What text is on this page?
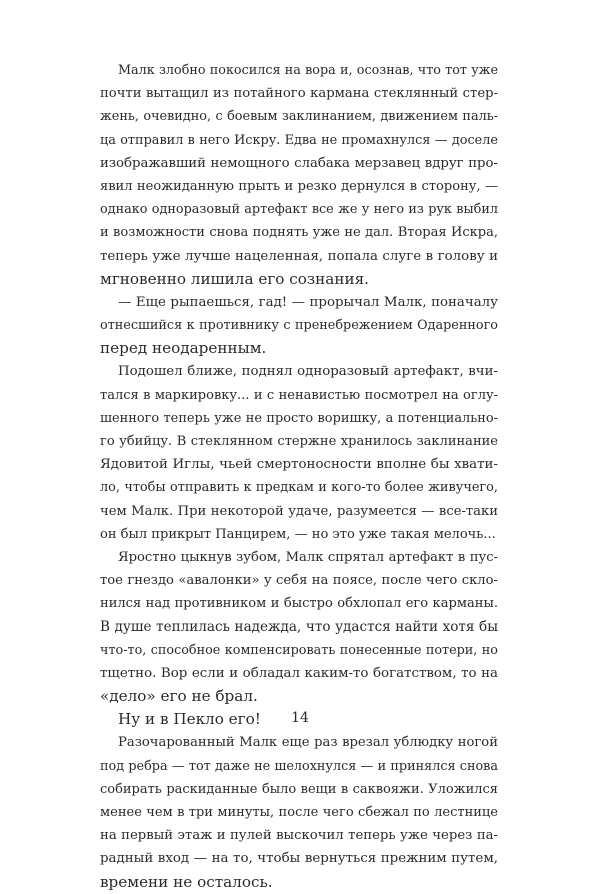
Малк злобно покосился на вора и, осознав, что тот уже
почти вытащил из потайного кармана стеклянный стер-
жень, очевидно, с боевым заклинанием, движением паль-
ца отправил в него Искру. Едва не промахнулся — доселе
изображавший немощного слабака мерзавец вдруг про-
явил неожиданную прыть и резко дернулся в сторону, —
однако одноразовый артефакт все же у него из рук выбил
и возможности снова поднять уже не дал. Вторая Искра,
теперь уже лучше нацеленная, попала слуге в голову и
мгновенно лишила его сознания.
— Еще рыпаешься, гад! — прорычал Малк, поначалу
отнесшийся к противнику с пренебрежением Одаренного
перед неодаренным.
Подошел ближе, поднял одноразовый артефакт, вчи-
тался в маркировку... и с ненавистью посмотрел на оглу-
шенного теперь уже не просто воришку, а потенциально-
го убийцу. В стеклянном стержне хранилось заклинание
Ядовитой Иглы, чьей смертоносности вполне бы хвати-
ло, чтобы отправить к предкам и кого-то более живучего,
чем Малк. При некоторой удаче, разумеется — все-таки
он был прикрыт Панцирем, — но это уже такая мелочь...
Яростно цыкнув зубом, Малк спрятал артефакт в пус-
тое гнездо «авалонки» у себя на поясе, после чего скло-
нился над противником и быстро обхлопал его карманы.
В душе теплилась надежда, что удастся найти хотя бы
что-то, способное компенсировать понесенные потери, но
тщетно. Вор если и обладал каким-то богатством, то на
«дело» его не брал.
Ну и в Пекло его!
Разочарованный Малк еще раз врезал ублюдку ногой
под ребра — тот даже не шелохнулся — и принялся снова
собирать раскиданные было вещи в саквояжи. Уложился
менее чем в три минуты, после чего сбежал по лестнице
на первый этаж и пулей выскочил теперь уже через па-
радный вход — на то, чтобы вернуться прежним путем,
времени не осталось.
14
